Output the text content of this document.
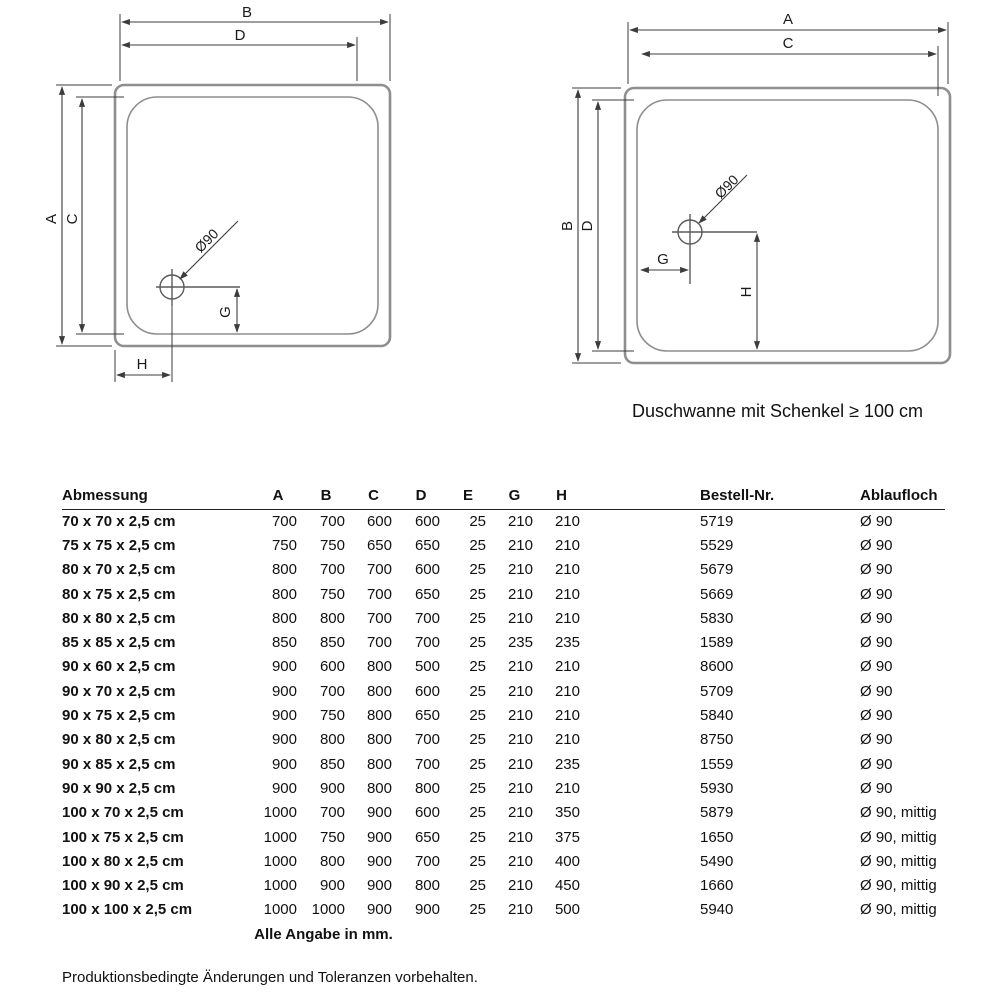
B
D
A C
G
H
Ø90
A
C
B D
G
H
Ø90
Duschwanne mit Schenkel ≥ 100 cm
Abmessung	A	B	C	D	E	G	H	Bestell-Nr.	Ablaufloch
70 x 70 x 2,5 cm	700	700	600	600	25	210	210	5719	Ø 90
75 x 75 x 2,5 cm	750	750	650	650	25	210	210	5529	Ø 90
80 x 70 x 2,5 cm	800	700	700	600	25	210	210	5679	Ø 90
80 x 75 x 2,5 cm	800	750	700	650	25	210	210	5669	Ø 90
80 x 80 x 2,5 cm	800	800	700	700	25	210	210	5830	Ø 90
85 x 85 x 2,5 cm	850	850	700	700	25	235	235	1589	Ø 90
90 x 60 x 2,5 cm	900	600	800	500	25	210	210	8600	Ø 90
90 x 70 x 2,5 cm	900	700	800	600	25	210	210	5709	Ø 90
90 x 75 x 2,5 cm	900	750	800	650	25	210	210	5840	Ø 90
90 x 80 x 2,5 cm	900	800	800	700	25	210	210	8750	Ø 90
90 x 85 x 2,5 cm	900	850	800	700	25	210	235	1559	Ø 90
90 x 90 x 2,5 cm	900	900	800	800	25	210	210	5930	Ø 90
100 x 70 x 2,5 cm	1000	700	900	600	25	210	350	5879	Ø 90, mittig
100 x 75 x 2,5 cm	1000	750	900	650	25	210	375	1650	Ø 90, mittig
100 x 80 x 2,5 cm	1000	800	900	700	25	210	400	5490	Ø 90, mittig
100 x 90 x 2,5 cm	1000	900	900	800	25	210	450	1660	Ø 90, mittig
100 x 100 x 2,5 cm	1000	1000	900	900	25	210	500	5940	Ø 90, mittig
Alle Angabe in mm.
Produktionsbedingte Änderungen und Toleranzen vorbehalten.
